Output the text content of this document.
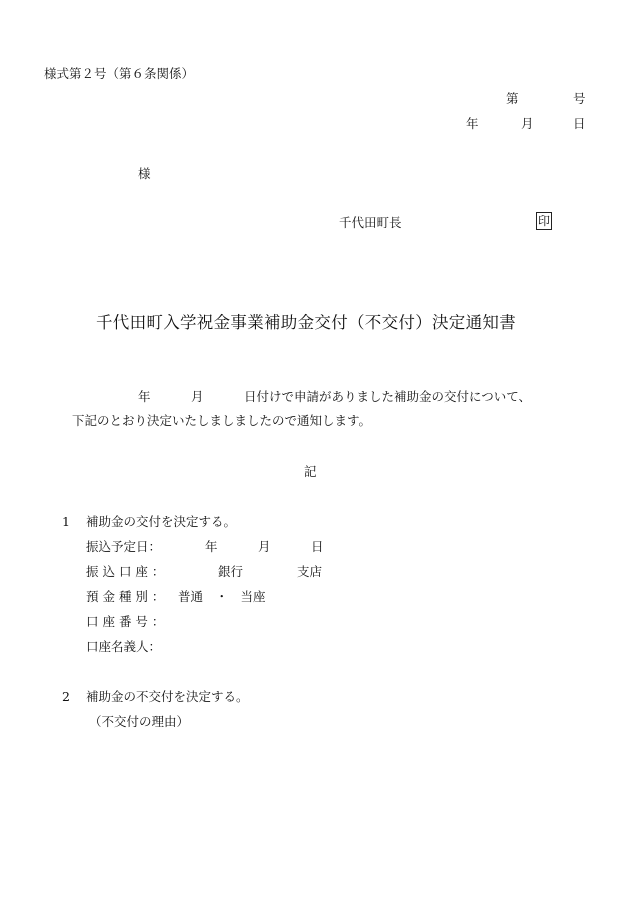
様式第２号（第６条関係）
第	号
年	月	日
様
千代田町長	印
千代田町入学祝金事業補助金交付（不交付）決定通知書
年	月	日付けで申請がありました補助金の交付について、
下記のとおり決定いたしましましたので通知します。
記
1 補助金の交付を決定する。
振込予定日：	年	月	日
振 込 口 座 ：	銀行	支店
預 金 種 別 ： 普通　・　当座
口 座 番 号 ：
口座名義人：
2 補助金の不交付を決定する。
（不交付の理由）
